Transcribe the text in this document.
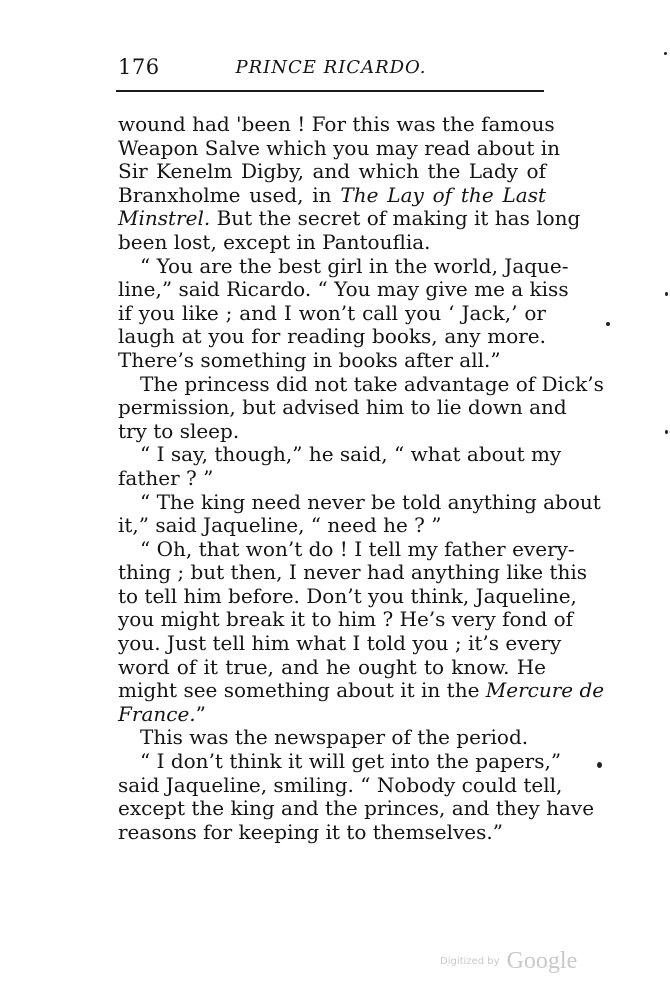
176	PRINCE RICARDO.
wound had 'been ! For this was the famous
Weapon Salve which you may read about in
Sir Kenelm Digby, and which the Lady of
Branxholme used, in The Lay of the Last
Minstrel. But the secret of making it has long
been lost, except in Pantouflia.
“ You are the best girl in the world, Jaque-
line,” said Ricardo. “ You may give me a kiss
if you like ; and I won’t call you ‘ Jack,’ or
laugh at you for reading books, any more.
There’s something in books after all.”
The princess did not take advantage of Dick’s
permission, but advised him to lie down and
try to sleep.
“ I say, though,” he said, “ what about my
father ? ”
“ The king need never be told anything about
it,” said Jaqueline, “ need he ? ”
“ Oh, that won’t do ! I tell my father every-
thing ; but then, I never had anything like this
to tell him before. Don’t you think, Jaqueline,
you might break it to him ? He’s very fond of
you. Just tell him what I told you ; it’s every
word of it true, and he ought to know. He
might see something about it in the Mercure de
France.”
This was the newspaper of the period.
“ I don’t think it will get into the papers,”
said Jaqueline, smiling. “ Nobody could tell,
except the king and the princes, and they have
reasons for keeping it to themselves.”
Digitized by Google
